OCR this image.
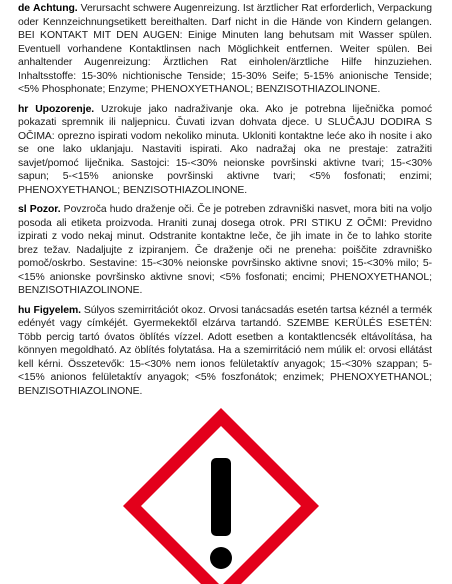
de Achtung. Verursacht schwere Augenreizung. Ist ärztlicher Rat erforderlich, Verpackung oder Kennzeichnungsetikett bereithalten. Darf nicht in die Hände von Kindern gelangen. BEI KONTAKT MIT DEN AUGEN: Einige Minuten lang behutsam mit Wasser spülen. Eventuell vorhandene Kontaktlinsen nach Möglichkeit entfernen. Weiter spülen. Bei anhaltender Augenreizung: Ärztlichen Rat einholen/ärztliche Hilfe hinzuziehen. Inhaltsstoffe: 15-30% nichtionische Tenside; 15-30% Seife; 5-15% anionische Tenside; <5% Phosphonate; Enzyme; PHENOXYETHANOL; BENZISOTHIAZOLINONE.

hr Upozorenje. Uzrokuje jako nadraživanje oka. Ako je potrebna liječnička pomoć pokazati spremnik ili naljepnicu. Čuvati izvan dohvata djece. U SLUČAJU DODIRA S OČIMA: oprezno ispirati vodom nekoliko minuta. Ukloniti kontaktne leće ako ih nosite i ako se one lako uklanjaju. Nastaviti ispirati. Ako nadražaj oka ne prestaje: zatražiti savjet/pomoć liječnika. Sastojci: 15-<30% neionske površinski aktivne tvari; 15-<30% sapun; 5-<15% anionske površinski aktivne tvari; <5% fosfonati; enzimi; PHENOXYETHANOL; BENZISOTHIAZOLINONE.

sl Pozor. Povzroča hudo draženje oči. Če je potreben zdravniški nasvet, mora biti na voljo posoda ali etiketa proizvoda. Hraniti zunaj dosega otrok. PRI STIKU Z OČMI: Previdno izpirati z vodo nekaj minut. Odstranite kontaktne leče, če jih imate in če to lahko storite brez težav. Nadaljujte z izpiranjem. Če draženje oči ne preneha: poiščite zdravniško pomoč/oskrbo. Sestavine: 15-<30% neionske površinsko aktivne snovi; 15-<30% milo; 5-<15% anionske površinsko aktivne snovi; <5% fosfonati; encimi; PHENOXYETHANOL; BENZISOTHIAZOLINONE.

hu Figyelem. Súlyos szemirritációt okoz. Orvosi tanácsadás esetén tartsa kéznél a termék edényét vagy címkéjét. Gyermekektől elzárva tartandó. SZEMBE KERÜLÉS ESETÉN: Több percig tartó óvatos öblítés vízzel. Adott esetben a kontaktlencsék eltávolítása, ha könnyen megoldható. Az öblítés folytatása. Ha a szemirritáció nem múlik el: orvosi ellátást kell kérni. Összetevők: 15-<30% nem ionos felületaktív anyagok; 15-<30% szappan; 5-<15% anionos felületaktív anyagok; <5% foszfonátok; enzimek; PHENOXYETHANOL; BENZISOTHIAZOLINONE.
